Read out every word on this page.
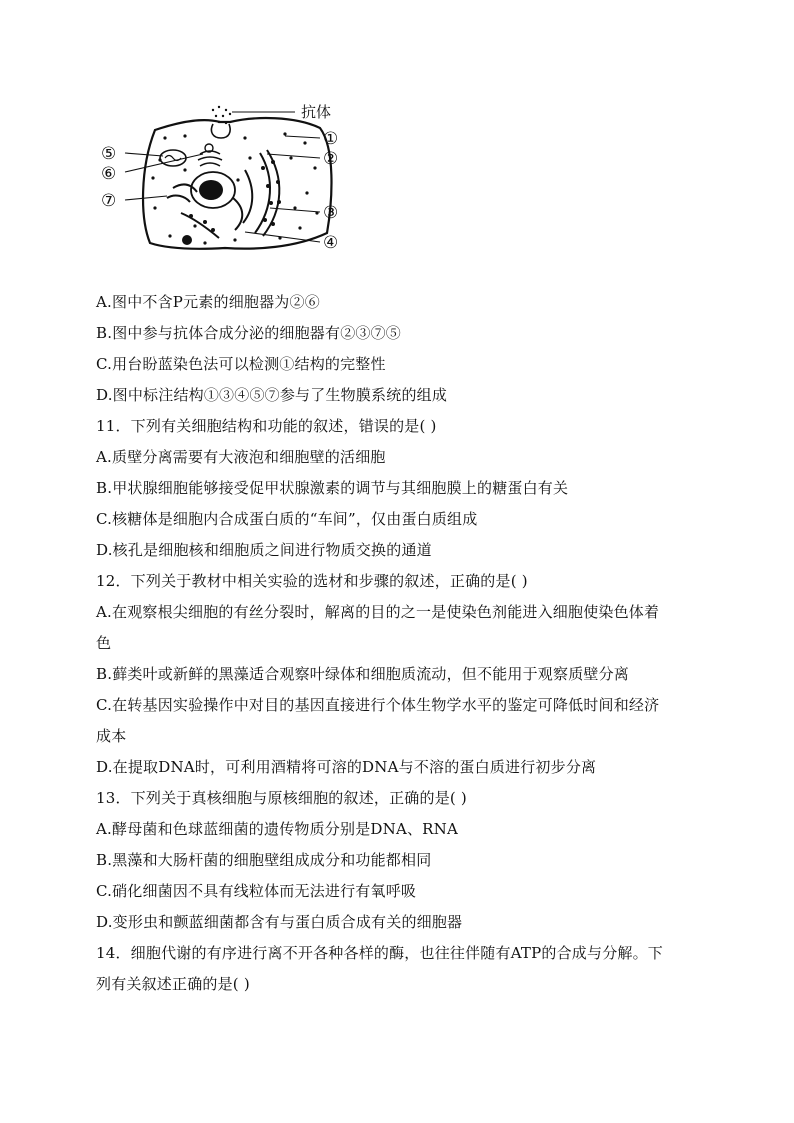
抗体
①
②
③
④
⑤
⑥
⑦
A.图中不含P元素的细胞器为②⑥
B.图中参与抗体合成分泌的细胞器有②③⑦⑤
C.用台盼蓝染色法可以检测①结构的完整性
D.图中标注结构①③④⑤⑦参与了生物膜系统的组成
11．下列有关细胞结构和功能的叙述，错误的是( )
A.质壁分离需要有大液泡和细胞壁的活细胞
B.甲状腺细胞能够接受促甲状腺激素的调节与其细胞膜上的糖蛋白有关
C.核糖体是细胞内合成蛋白质的“车间”，仅由蛋白质组成
D.核孔是细胞核和细胞质之间进行物质交换的通道
12．下列关于教材中相关实验的选材和步骤的叙述，正确的是( )
A.在观察根尖细胞的有丝分裂时，解离的目的之一是使染色剂能进入细胞使染色体着
色
B.藓类叶或新鲜的黑藻适合观察叶绿体和细胞质流动，但不能用于观察质壁分离
C.在转基因实验操作中对目的基因直接进行个体生物学水平的鉴定可降低时间和经济
成本
D.在提取DNA时，可利用酒精将可溶的DNA与不溶的蛋白质进行初步分离
13．下列关于真核细胞与原核细胞的叙述，正确的是( )
A.酵母菌和色球蓝细菌的遗传物质分别是DNA、RNA
B.黑藻和大肠杆菌的细胞壁组成成分和功能都相同
C.硝化细菌因不具有线粒体而无法进行有氧呼吸
D.变形虫和颤蓝细菌都含有与蛋白质合成有关的细胞器
14．细胞代谢的有序进行离不开各种各样的酶，也往往伴随有ATP的合成与分解。下
列有关叙述正确的是( )
